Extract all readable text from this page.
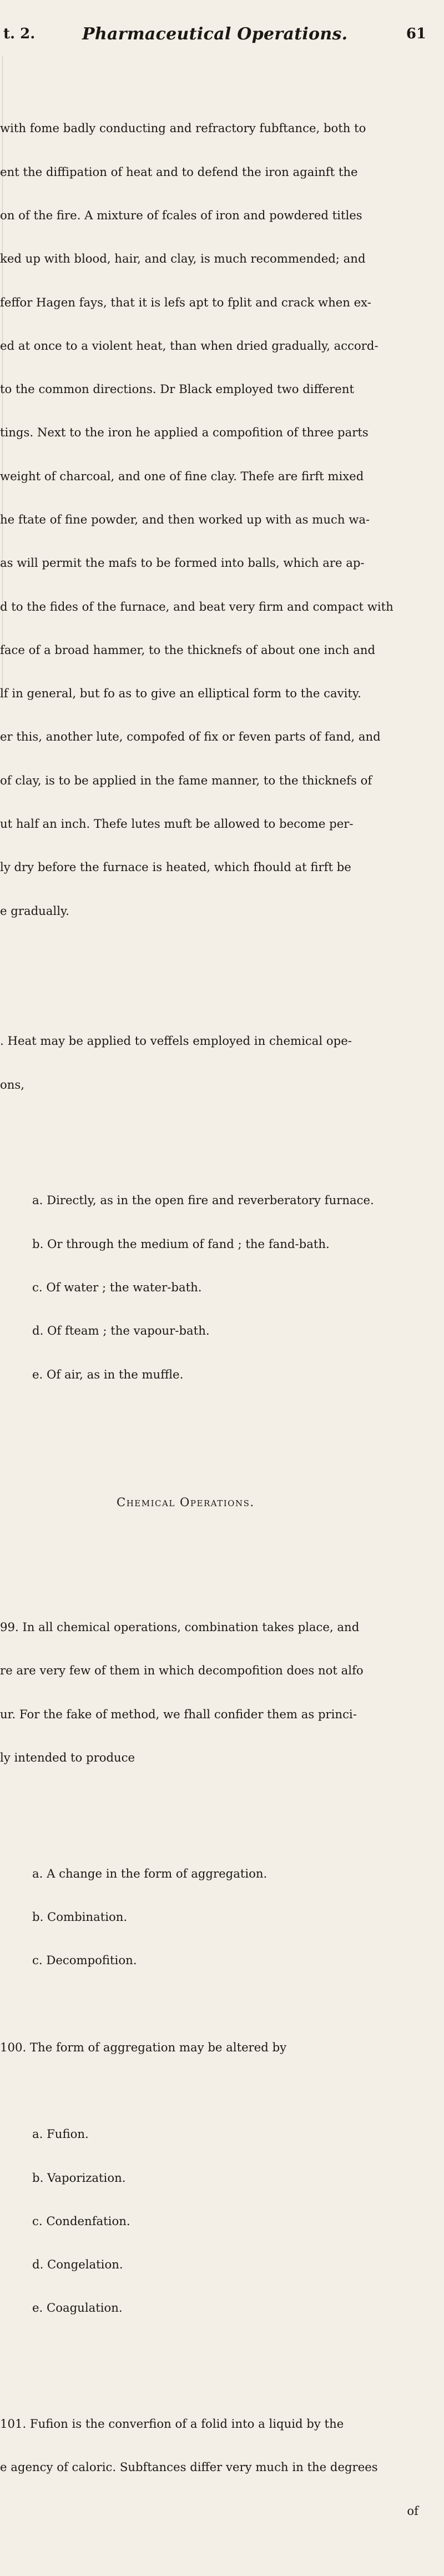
t. 2.	Pharmaceutical Operations.	61

with fome badly conducting and refractory fubftance, both to

ent the diffipation of heat and to defend the iron againft the

on of the fire. A mixture of fcales of iron and powdered titles

ked up with blood, hair, and clay, is much recommended; and

feffor Hagen fays, that it is lefs apt to fplit and crack when ex-

ed at once to a violent heat, than when dried gradually, accord-

to the common directions. Dr Black employed two different

tings. Next to the iron he applied a compofition of three parts

weight of charcoal, and one of fine clay. Thefe are firft mixed

he ftate of fine powder, and then worked up with as much wa-

as will permit the mafs to be formed into balls, which are ap-

d to the fides of the furnace, and beat very firm and compact with

face of a broad hammer, to the thicknefs of about one inch and

lf in general, but fo as to give an elliptical form to the cavity.

er this, another lute, compofed of fix or feven parts of fand, and

of clay, is to be applied in the fame manner, to the thicknefs of

ut half an inch. Thefe lutes muft be allowed to become per-

ly dry before the furnace is heated, which fhould at firft be

e gradually.

. Heat may be applied to veffels employed in chemical ope-

ons,

a. Directly, as in the open fire and reverberatory furnace.

b. Or through the medium of fand ; the fand-bath.

c. Of water ; the water-bath.

d. Of fteam ; the vapour-bath.

e. Of air, as in the muffle.

Chemical Operations.

99. In all chemical operations, combination takes place, and

re are very few of them in which decompofition does not alfo

ur. For the fake of method, we fhall confider them as princi-

ly intended to produce

a. A change in the form of aggregation.

b. Combination.

c. Decompofition.

100. The form of aggregation may be altered by

a. Fufion.

b. Vaporization.

c. Condenfation.

d. Congelation.

e. Coagulation.

101. Fufion is the converfion of a folid into a liquid by the

e agency of caloric. Subftances differ very much in the degrees

of
